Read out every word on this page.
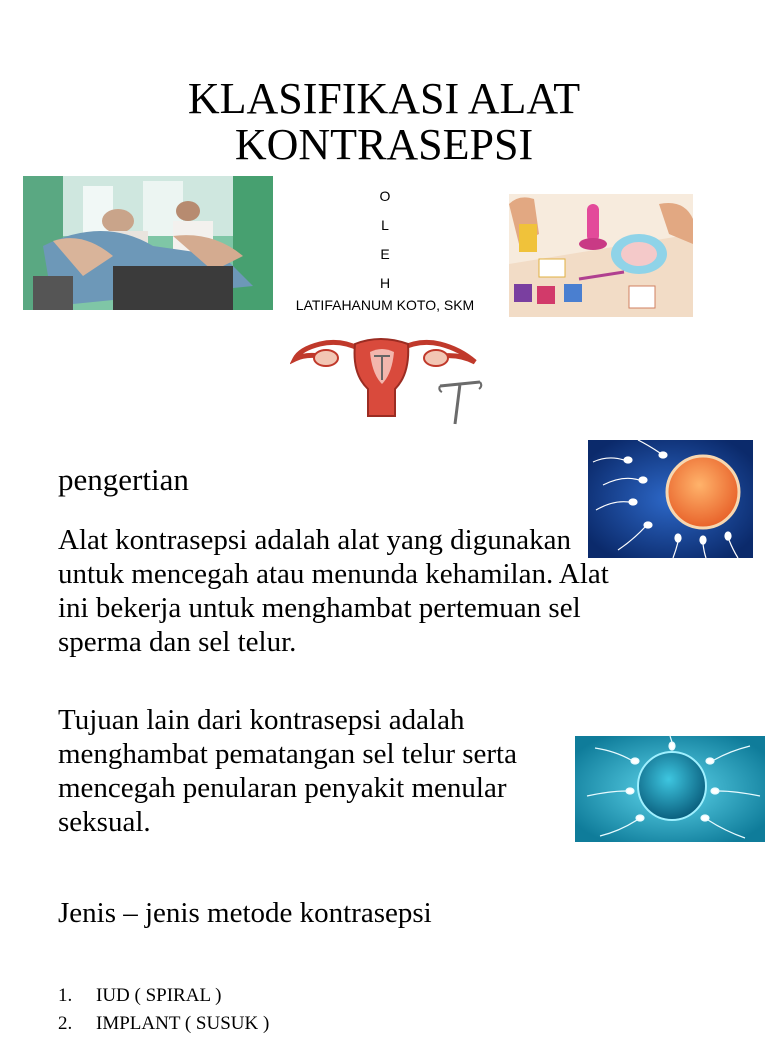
KLASIFIKASI ALAT
KONTRASEPSI
O
L
E
H
LATIFAHANUM KOTO, SKM
pengertian
Alat kontrasepsi adalah alat yang digunakan untuk mencegah atau menunda kehamilan. Alat ini bekerja untuk menghambat pertemuan sel sperma dan sel telur.
Tujuan lain dari kontrasepsi adalah menghambat pematangan sel telur serta mencegah penularan penyakit menular seksual.
Jenis – jenis metode kontrasepsi
1.	IUD ( SPIRAL )
2.	IMPLANT ( SUSUK )
